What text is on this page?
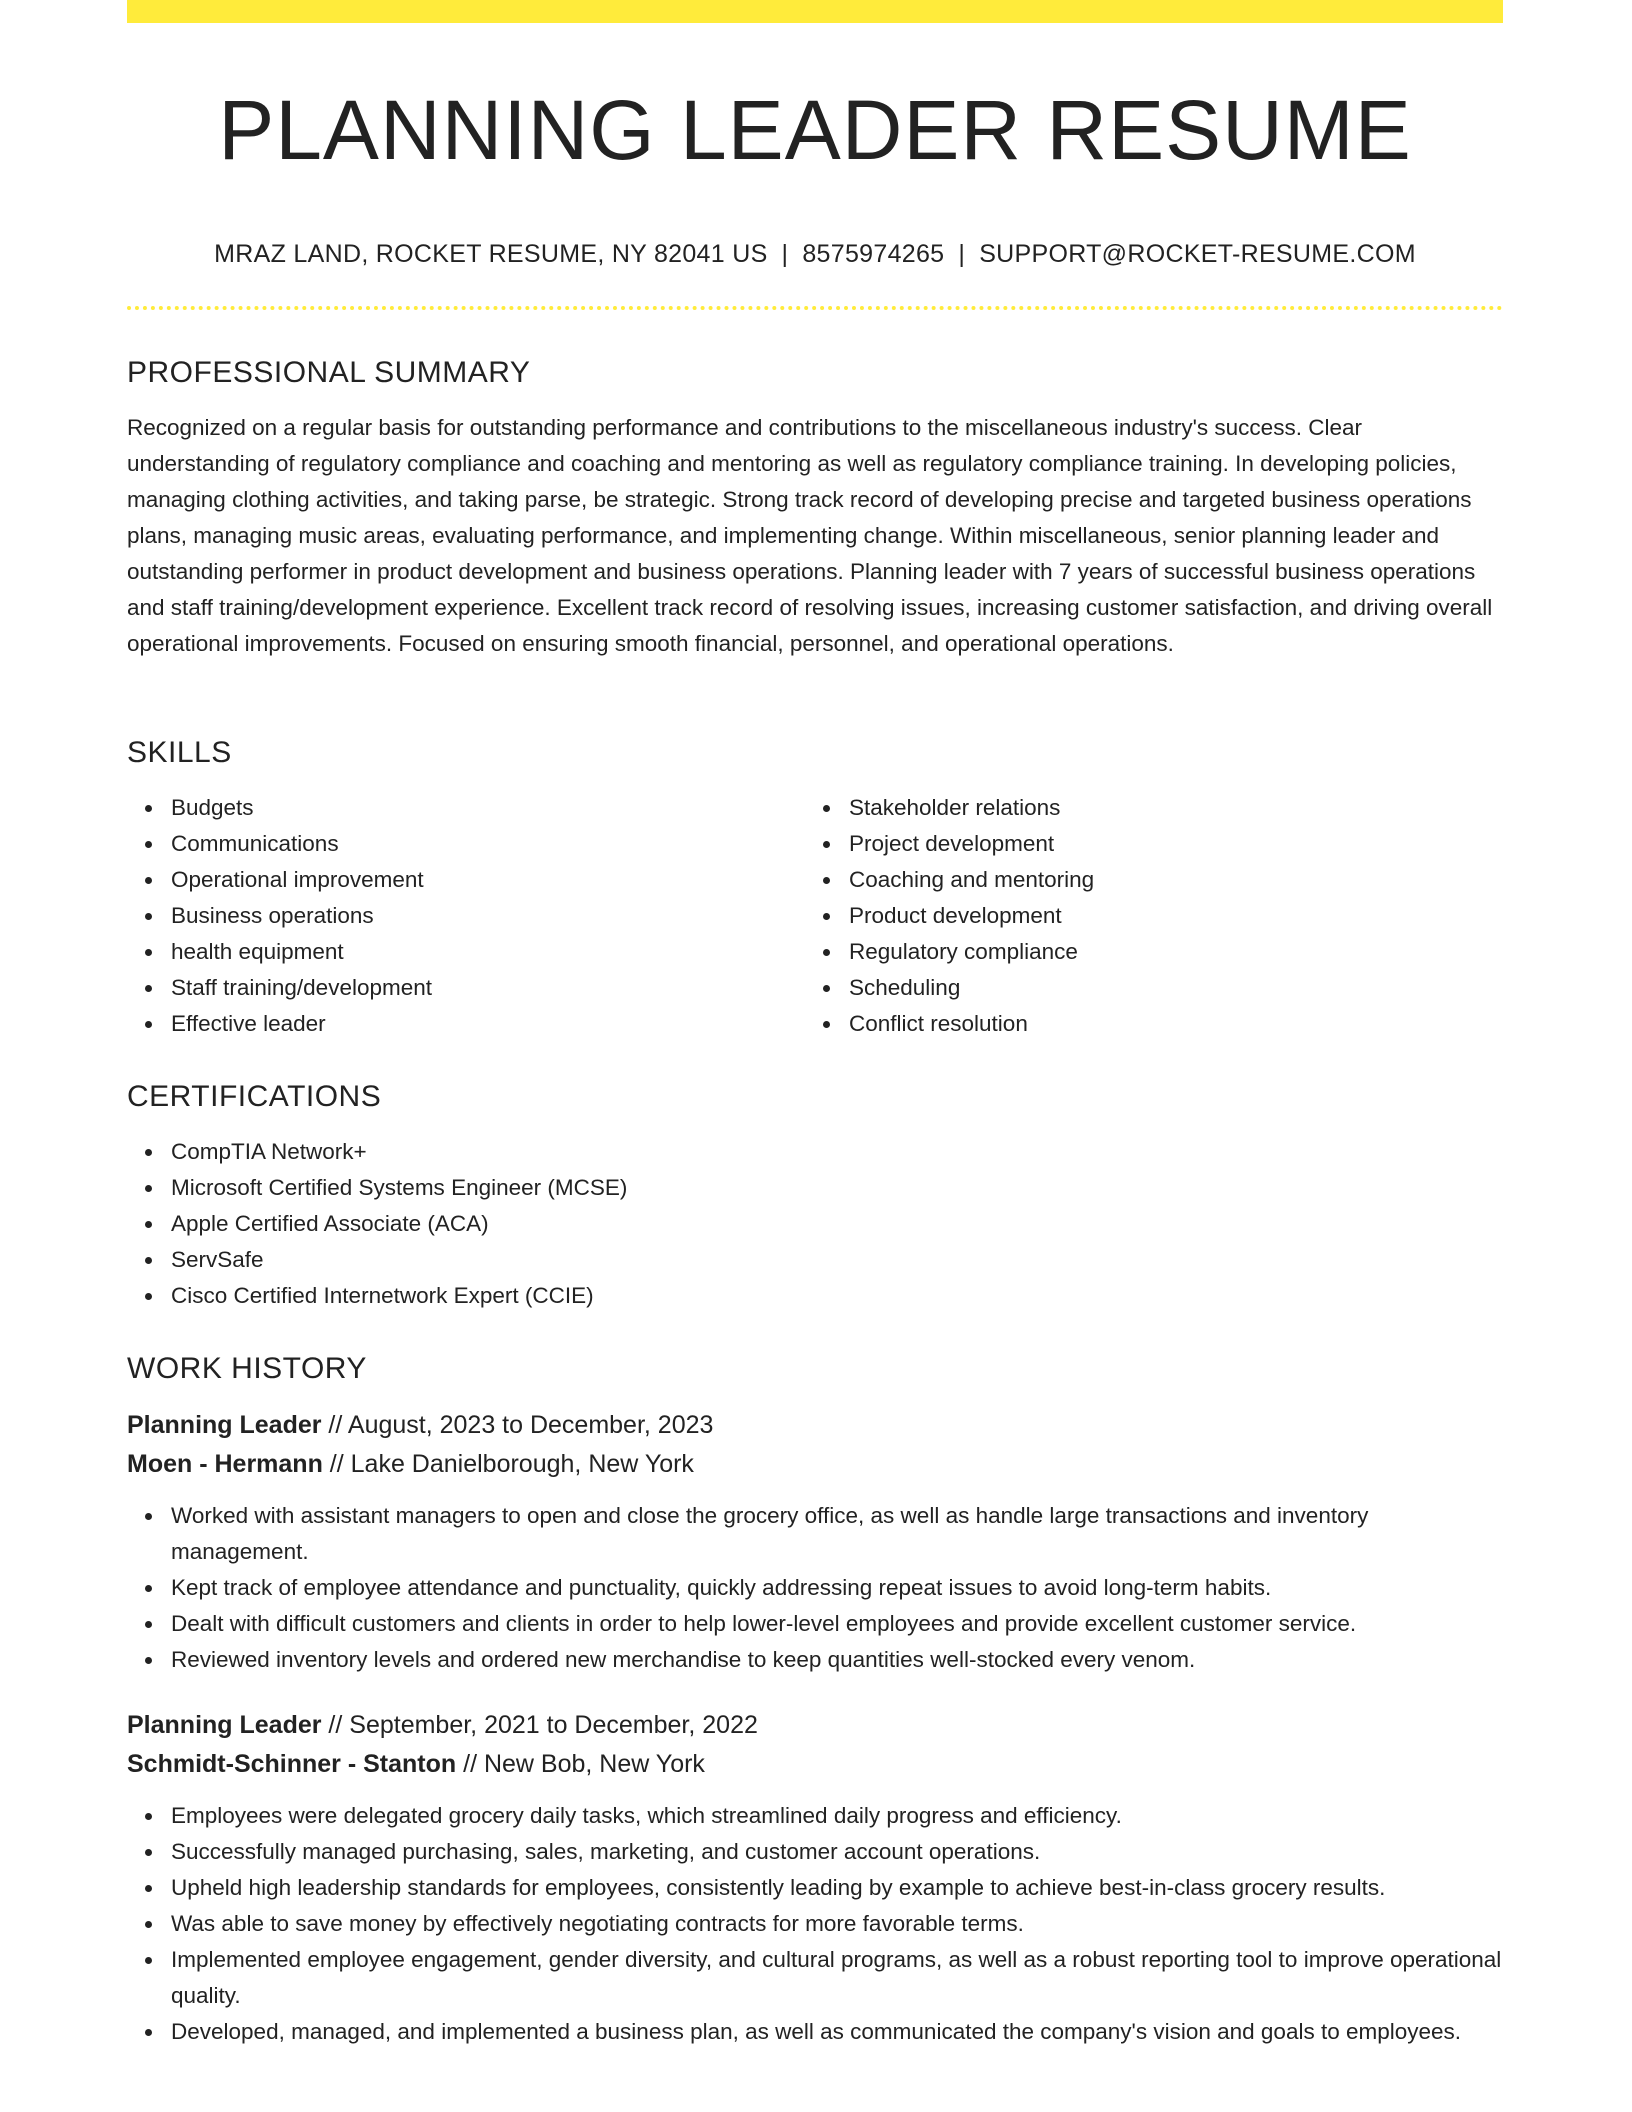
PLANNING LEADER RESUME
MRAZ LAND, ROCKET RESUME, NY 82041 US | 8575974265 | SUPPORT@ROCKET-RESUME.COM
PROFESSIONAL SUMMARY

Recognized on a regular basis for outstanding performance and contributions to the miscellaneous industry's success. Clear understanding of regulatory compliance and coaching and mentoring as well as regulatory compliance training. In developing policies, managing clothing activities, and taking parse, be strategic. Strong track record of developing precise and targeted business operations plans, managing music areas, evaluating performance, and implementing change. Within miscellaneous, senior planning leader and outstanding performer in product development and business operations. Planning leader with 7 years of successful business operations and staff training/development experience. Excellent track record of resolving issues, increasing customer satisfaction, and driving overall operational improvements. Focused on ensuring smooth financial, personnel, and operational operations.

SKILLS
Budgets
Communications
Operational improvement
Business operations
health equipment
Staff training/development
Effective leader
Stakeholder relations
Project development
Coaching and mentoring
Product development
Regulatory compliance
Scheduling
Conflict resolution
CERTIFICATIONS
CompTIA Network+
Microsoft Certified Systems Engineer (MCSE)
Apple Certified Associate (ACA)
ServSafe
Cisco Certified Internetwork Expert (CCIE)
WORK HISTORY
Planning Leader // August, 2023 to December, 2023
Moen - Hermann // Lake Danielborough, New York
Worked with assistant managers to open and close the grocery office, as well as handle large transactions and inventory management.
Kept track of employee attendance and punctuality, quickly addressing repeat issues to avoid long-term habits.
Dealt with difficult customers and clients in order to help lower-level employees and provide excellent customer service.
Reviewed inventory levels and ordered new merchandise to keep quantities well-stocked every venom.
Planning Leader // September, 2021 to December, 2022
Schmidt-Schinner - Stanton // New Bob, New York
Employees were delegated grocery daily tasks, which streamlined daily progress and efficiency.
Successfully managed purchasing, sales, marketing, and customer account operations.
Upheld high leadership standards for employees, consistently leading by example to achieve best-in-class grocery results.
Was able to save money by effectively negotiating contracts for more favorable terms.
Implemented employee engagement, gender diversity, and cultural programs, as well as a robust reporting tool to improve operational quality.
Developed, managed, and implemented a business plan, as well as communicated the company's vision and goals to employees.
